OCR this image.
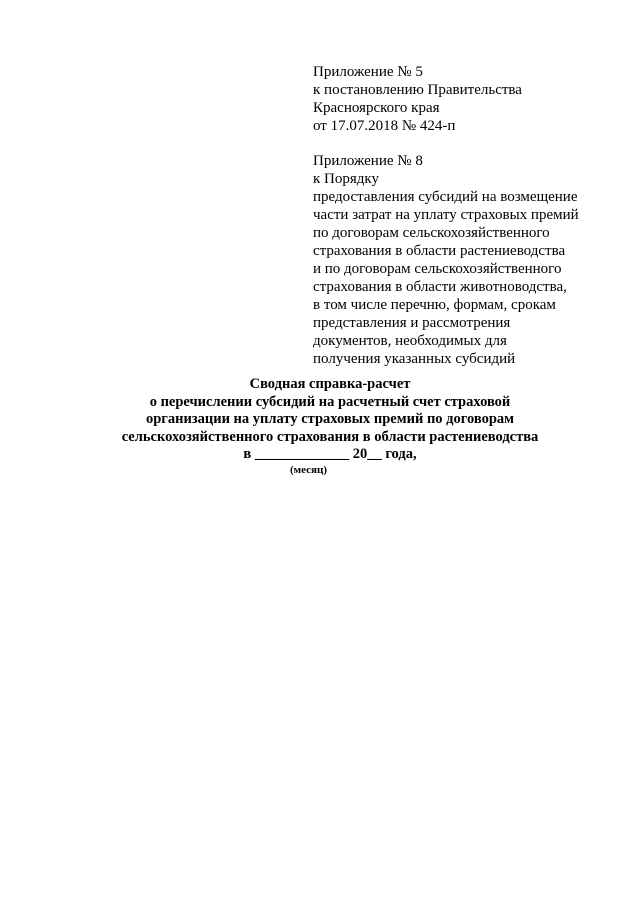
Приложение № 5
к постановлению Правительства
Красноярского края
от 17.07.2018 № 424-п
Приложение № 8
к Порядку
предоставления субсидий на возмещение
части затрат на уплату страховых премий
по договорам сельскохозяйственного
страхования в области растениеводства
и по договорам сельскохозяйственного
страхования в области животноводства,
в том числе перечню, формам, срокам
представления и рассмотрения
документов, необходимых для
получения указанных субсидий
Сводная справка-расчет
о перечислении субсидий на расчетный счет страховой
организации на уплату страховых премий по договорам
сельскохозяйственного страхования в области растениеводства
в _____________ 20__ года,
(месяц)
